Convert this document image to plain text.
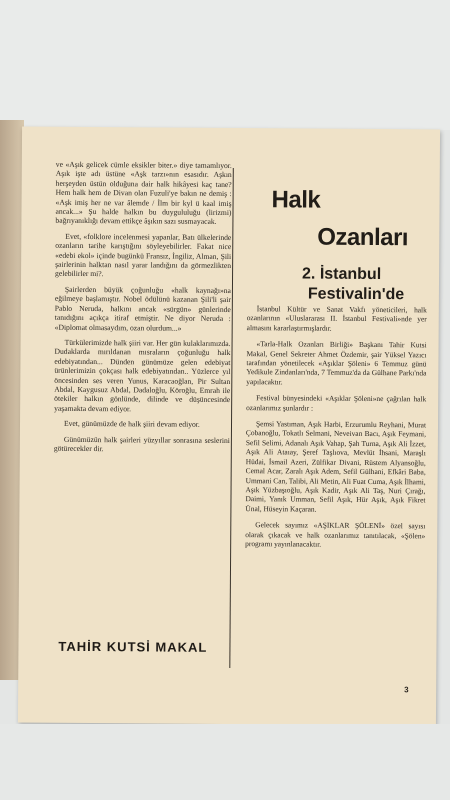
ve «Aşık gelicek cümle eksikler biter.» diye tamamlıyor. Aşık işte adı üstüne «Aşk tarzı»nın esasıdır. Aşkın herşeyden üstün olduğuna dair halk hikâyesi kaç tane? Hem halk hem de Divan olan Fuzuli'ye bakın ne demiş : «Aşk imiş her ne var âlemde / İlm bir kyl ü kaal imiş ancak...» Şu halde halkın bu duygululuğu (lirizmi) bağrıyanıklığı devam ettikçe âşıkın sazı susmayacak.

Evet, «folklore incelenmesi yapanlar, Batı ülkelerinde ozanların tarihe karıştığını söyleyebilirler. Fakat nice «edebi ekol» içinde bugünkü Fransız, İngiliz, Alman, Şili şairlerinin halktan nasıl yarar landığını da görmezlikten gelebilirler mi?.

Şairlerden büyük çoğunluğu «halk kaynağı»na eğilmeye başlamıştır. Nobel ödülünü kazanan Şili'li şair Pablo Neruda, halkını ancak «sürgün» günlerinde tanıdığını açıkça itiraf etmiştir. Ne diyor Neruda : «Diplomat olmasaydım, ozan olurdum...»

Türkülerimizde halk şiiri var. Her gün kulaklarımızda. Dudaklarda mırıldanan mısraların çoğunluğu halk edebiyatından... Dünden günümüze gelen edebiyat ürünlerimizin çokçası halk edebiyatından.. Yüzlerce yıl öncesinden ses veren Yunus, Karacaoğlan, Pir Sultan Abdal, Kaygusuz Abdal, Dadaloğlu, Köroğlu, Emrah ile ötekiler halkın gönlünde, dilinde ve düşüncesinde yaşamakta devam ediyor.

Evet, günümüzde de halk şiiri devam ediyor.

Günümüzün halk şairleri yüzyıllar sonrasına seslerini götürecekler dir.

TAHİR KUTSİ MAKAL
Halk
Ozanları
2. İstanbul
Festivalin'de

İstanbul Kültür ve Sanat Vakfı yöneticileri, halk ozanlarının «Uluslararası II. İstanbul Festivali»nde yer almasını kararlaştırmışlardır.

«Tarla-Halk Ozanları Birliği» Başkanı Tahir Kutsi Makal, Genel Sekreter Ahmet Özdemir, şair Yüksel Yazıcı tarafından yönetilecek «Aşıklar Şöleni» 6 Temmuz günü Yedikule Zindanları'nda, 7 Temmuz'da da Gülhane Parkı'nda yapılacaktır.

Festival bünyesindeki «Aşıklar Şöleni»ne çağrılan halk ozanlarımız şunlardır :

Şemsi Yastıman, Aşık Harbi, Erzurumlu Reyhani, Murat Çobanoğlu, Tokatlı Selmani, Neveivan Bacı, Aşık Feymani, Sefil Selimi, Adanalı Aşık Vahap, Şah Turna, Aşık Ali İzzet, Aşık Ali Ataıay, Şeref Taşlıova, Mevlüt İhsani, Maraşlı Hüdai, İsmail Azeri, Zülfikar Divani, Rüstem Alyansoğlu, Cemal Acar, Zaralı Aşık Adem, Sefil Gülhani, Efkâri Baba, Ummani Can, Talibi, Ali Metin, Ali Fuat Cuma, Aşık İlhami, Aşık Yüzbaşıoğlu, Aşık Kadir, Aşık Ali Taş, Nuri Çırağı, Daimi, Yanık Umman, Sefil Aşık, Hür Aşık, Aşık Fikret Ünal, Hüseyin Kaçaran.

Gelecek sayımız «AŞIKLAR ŞÖLENİ» özel sayısı olarak çıkacak ve halk ozanlarımız tanıtılacak, «Şölen» programı yayınlanacaktır.

3
